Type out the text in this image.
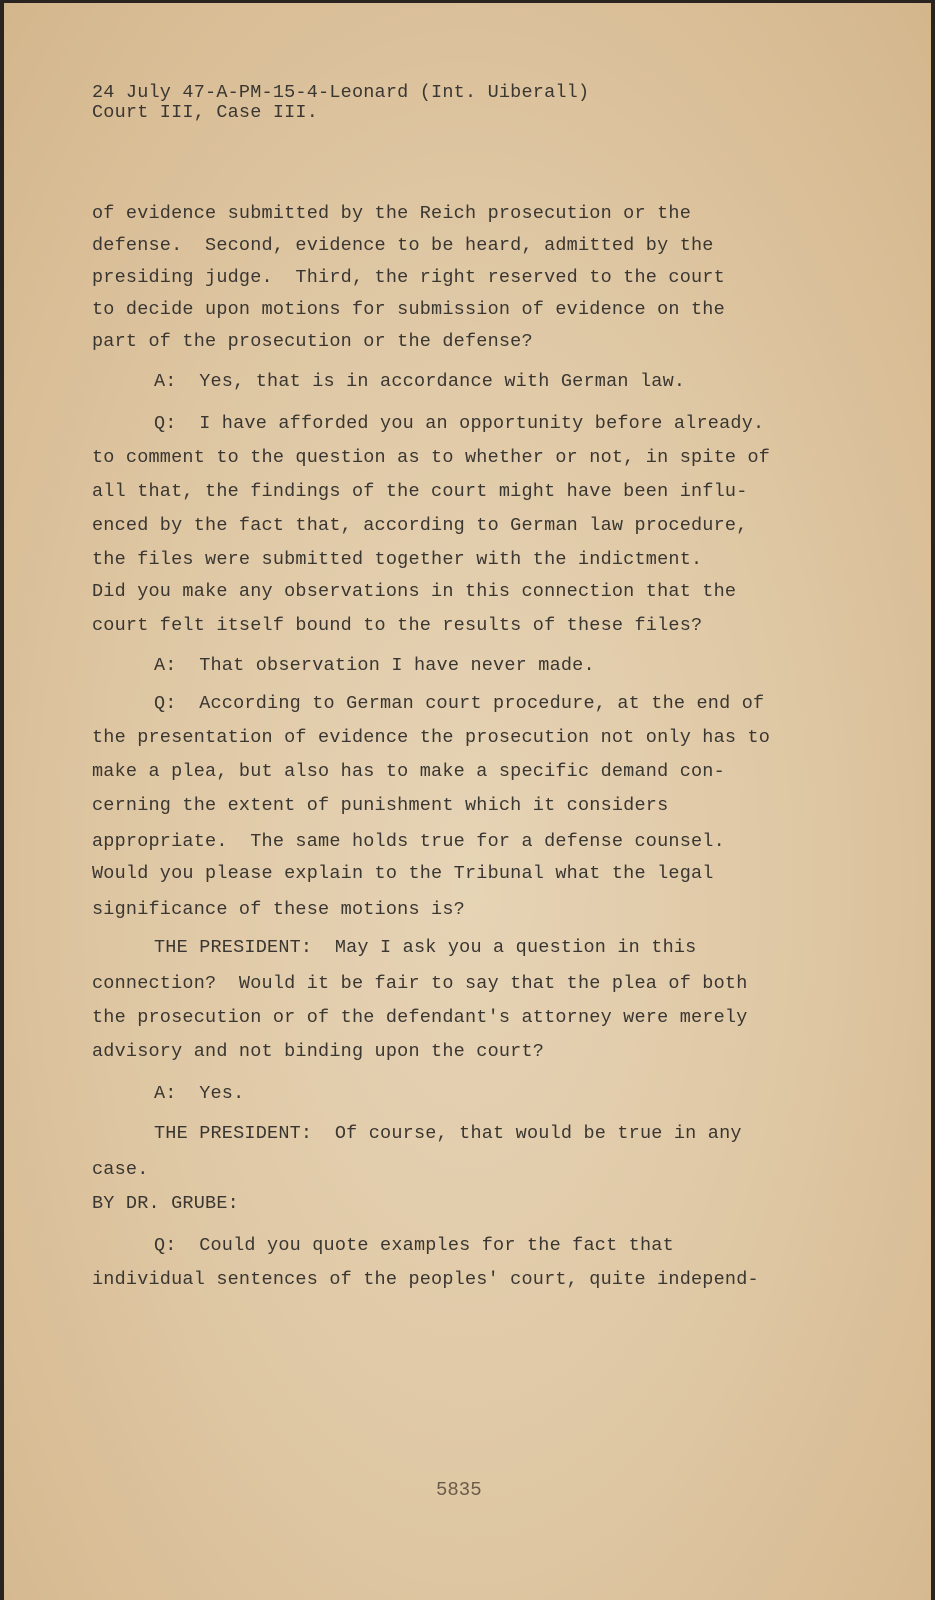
24 July 47-A-PM-15-4-Leonard (Int. Uiberall)
Court III, Case III.
of evidence submitted by the Reich prosecution or the
defense.  Second, evidence to be heard, admitted by the
presiding judge.  Third, the right reserved to the court
to decide upon motions for submission of evidence on the
part of the prosecution or the defense?
A:  Yes, that is in accordance with German law.
Q:  I have afforded you an opportunity before already.
to comment to the question as to whether or not, in spite of
all that, the findings of the court might have been influ-
enced by the fact that, according to German law procedure,
the files were submitted together with the indictment.
Did you make any observations in this connection that the
court felt itself bound to the results of these files?
A:  That observation I have never made.
Q:  According to German court procedure, at the end of
the presentation of evidence the prosecution not only has to
make a plea, but also has to make a specific demand con-
cerning the extent of punishment which it considers
appropriate.  The same holds true for a defense counsel.
Would you please explain to the Tribunal what the legal
significance of these motions is?
THE PRESIDENT:  May I ask you a question in this
connection?  Would it be fair to say that the plea of both
the prosecution or of the defendant's attorney were merely
advisory and not binding upon the court?
A:  Yes.
THE PRESIDENT:  Of course, that would be true in any
case.
BY DR. GRUBE:
Q:  Could you quote examples for the fact that
individual sentences of the peoples' court, quite independ-
5835
